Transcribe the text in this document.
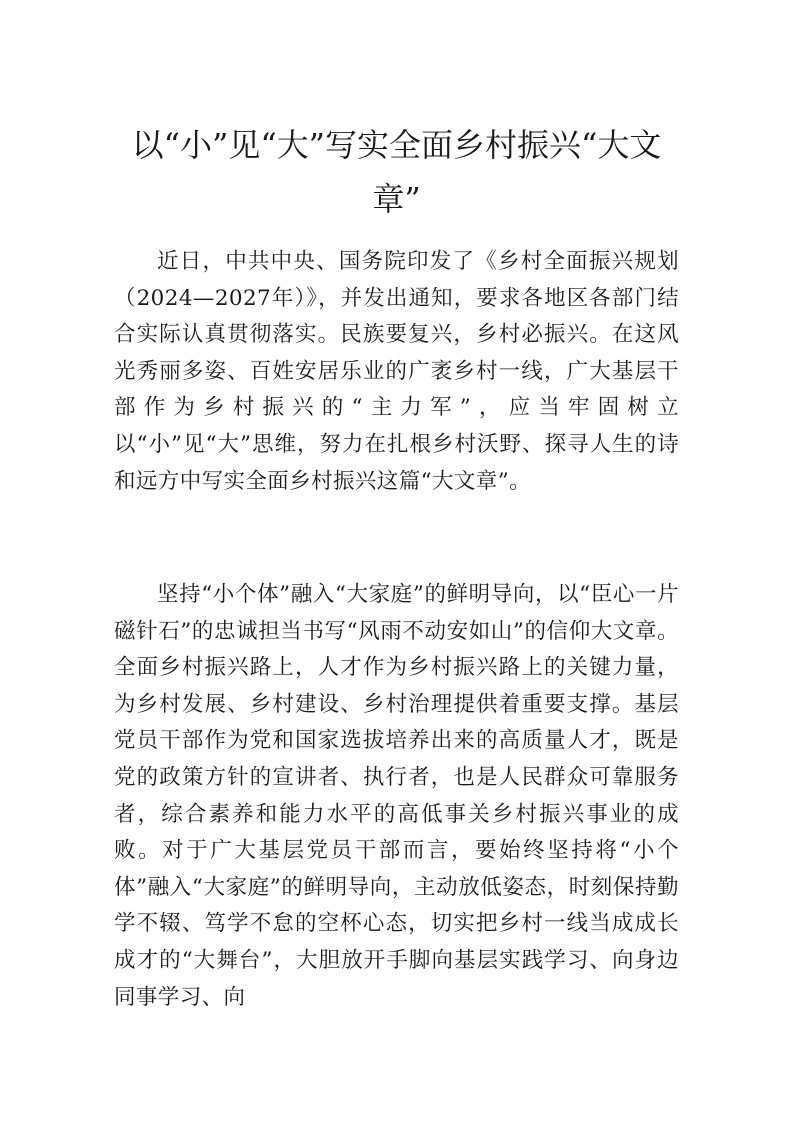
以“小”见“大”写实全面乡村振兴“大文章”

近日，中共中央、国务院印发了《乡村全面振兴规划（2024—2027年）》，并发出通知，要求各地区各部门结合实际认真贯彻落实。民族要复兴，乡村必振兴。在这风光秀丽多姿、百姓安居乐业的广袤乡村一线，广大基层干部作为乡村振兴的“主力军”，应当牢固树立以“小”见“大”思维，努力在扎根乡村沃野、探寻人生的诗和远方中写实全面乡村振兴这篇“大文章”。

坚持“小个体”融入“大家庭”的鲜明导向，以“臣心一片磁针石”的忠诚担当书写“风雨不动安如山”的信仰大文章。全面乡村振兴路上，人才作为乡村振兴路上的关键力量，为乡村发展、乡村建设、乡村治理提供着重要支撑。基层党员干部作为党和国家选拔培养出来的高质量人才，既是党的政策方针的宣讲者、执行者，也是人民群众可靠服务者，综合素养和能力水平的高低事关乡村振兴事业的成败。对于广大基层党员干部而言，要始终坚持将“小个体”融入“大家庭”的鲜明导向，主动放低姿态，时刻保持勤学不辍、笃学不怠的空杯心态，切实把乡村一线当成成长成才的“大舞台”，大胆放开手脚向基层实践学习、向身边同事学习、向
